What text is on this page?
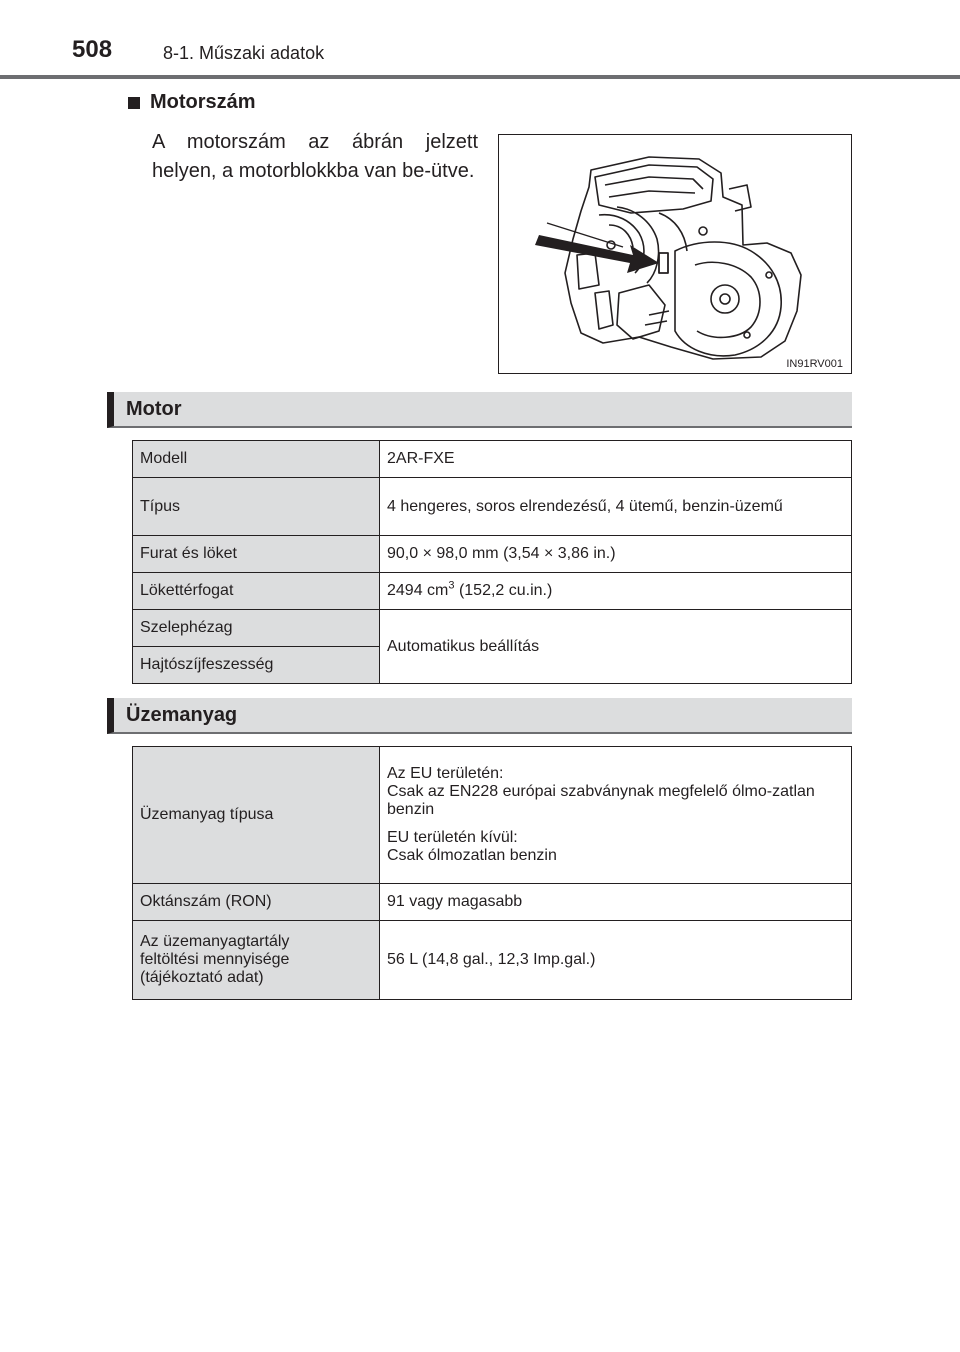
508	8-1. Műszaki adatok
Motorszám
A motorszám az ábrán jelzett helyen, a motorblokkba van be-ütve.
IN91RV001
Motor
Modell	2AR-FXE
Típus	4 hengeres, soros elrendezésű, 4 ütemű, benzin-üzemű
Furat és löket	90,0 × 98,0 mm (3,54 × 3,86 in.)
Lökettérfogat	2494 $cm^3$ (152,2 cu.in.)
Szelephézag	Automatikus beállítás
Hajtószíjfeszesség	
Üzemanyag
Üzemanyag típusa	Az EU területén:
Csak az EN228 európai szabványnak megfelelő ólmo-zatlan benzin
EU területén kívül:
Csak ólmozatlan benzin

Oktánszám (RON)	91 vagy magasabb

Az üzemanyagtartály
feltöltési mennyisége
(tájékoztató adat)	56 L (14,8 gal., 12,3 Imp.gal.)
